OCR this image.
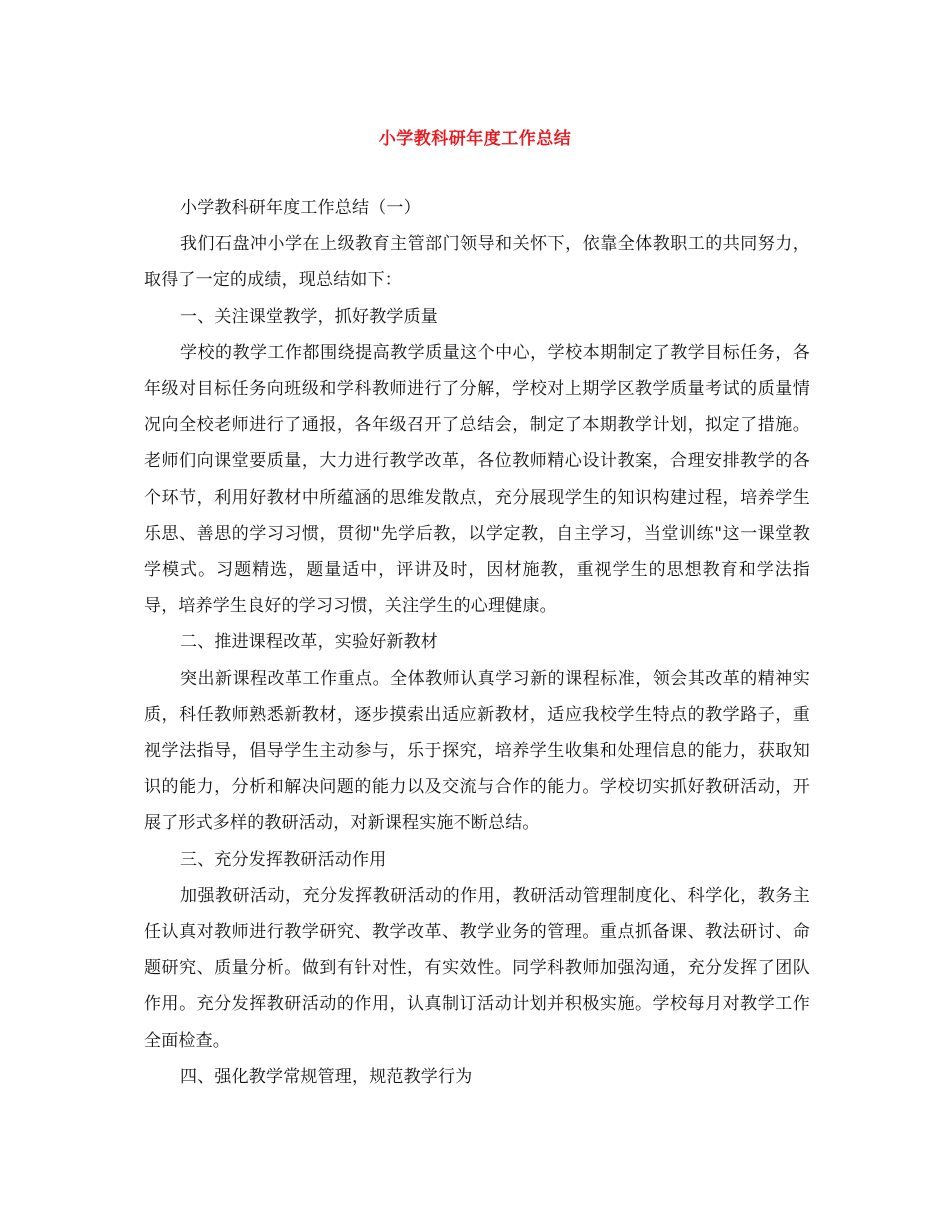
小学教科研年度工作总结

小学教科研年度工作总结（一）

我们石盘冲小学在上级教育主管部门领导和关怀下，依靠全体教职工的共同努力，取得了一定的成绩，现总结如下：

一、关注课堂教学，抓好教学质量

学校的教学工作都围绕提高教学质量这个中心，学校本期制定了教学目标任务，各年级对目标任务向班级和学科教师进行了分解，学校对上期学区教学质量考试的质量情况向全校老师进行了通报，各年级召开了总结会，制定了本期教学计划，拟定了措施。老师们向课堂要质量，大力进行教学改革，各位教师精心设计教案，合理安排教学的各个环节，利用好教材中所蕴涵的思维发散点，充分展现学生的知识构建过程，培养学生乐思、善思的学习习惯，贯彻"先学后教，以学定教，自主学习，当堂训练"这一课堂教学模式。习题精选，题量适中，评讲及时，因材施教，重视学生的思想教育和学法指导，培养学生良好的学习习惯，关注学生的心理健康。

二、推进课程改革，实验好新教材

突出新课程改革工作重点。全体教师认真学习新的课程标准，领会其改革的精神实质，科任教师熟悉新教材，逐步摸索出适应新教材，适应我校学生特点的教学路子，重视学法指导，倡导学生主动参与，乐于探究，培养学生收集和处理信息的能力，获取知识的能力，分析和解决问题的能力以及交流与合作的能力。学校切实抓好教研活动，开展了形式多样的教研活动，对新课程实施不断总结。

三、充分发挥教研活动作用

加强教研活动，充分发挥教研活动的作用，教研活动管理制度化、科学化，教务主任认真对教师进行教学研究、教学改革、教学业务的管理。重点抓备课、教法研讨、命题研究、质量分析。做到有针对性，有实效性。同学科教师加强沟通，充分发挥了团队作用。充分发挥教研活动的作用，认真制订活动计划并积极实施。学校每月对教学工作全面检查。

四、强化教学常规管理，规范教学行为
